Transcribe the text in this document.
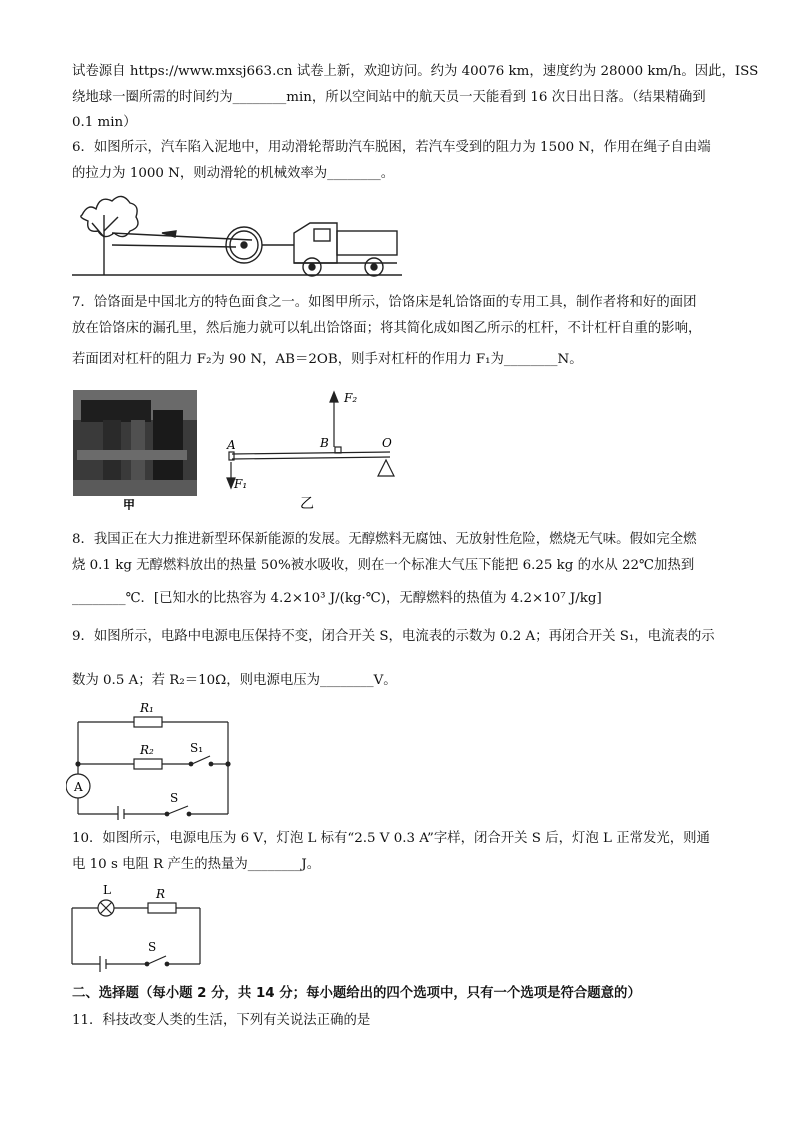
试卷源自 https://www.mxsj663.cn 试卷上新，欢迎访问。约为 40076 km，速度约为 28000 km/h。因此，ISS
绕地球一圈所需的时间约为________min，所以空间站中的航天员一天能看到 16 次日出日落。（结果精确到
0.1 min）
6．如图所示，汽车陷入泥地中，用动滑轮帮助汽车脱困，若汽车受到的阻力为 1500 N，作用在绳子自由端
的拉力为 1000 N，则动滑轮的机械效率为________。
7．饸饹面是中国北方的特色面食之一。如图甲所示，饸饹床是轧饸饹面的专用工具，制作者将和好的面团
放在饸饹床的漏孔里，然后施力就可以轧出饸饹面；将其简化成如图乙所示的杠杆，不计杠杆自重的影响，
若面团对杠杆的阻力 F₂为 90 N，AB＝2OB，则手对杠杆的作用力 F₁为________N。
甲
F₂
A	B	O
F₁
乙
8．我国正在大力推进新型环保新能源的发展。无醇燃料无腐蚀、无放射性危险，燃烧无气味。假如完全燃
烧 0.1 kg 无醇燃料放出的热量 50%被水吸收，则在一个标准大气压下能把 6.25 kg 的水从 22℃加热到
________℃．[已知水的比热容为 4.2×10³ J/(kg·℃)，无醇燃料的热值为 4.2×10⁷ J/kg]
9．如图所示，电路中电源电压保持不变，闭合开关 S，电流表的示数为 0.2 A；再闭合开关 S₁，电流表的示
数为 0.5 A；若 R₂＝10Ω，则电源电压为________V。
R₁
R₂	S₁
A
S
10．如图所示，电源电压为 6 V，灯泡 L 标有“2.5 V 0.3 A”字样，闭合开关 S 后，灯泡 L 正常发光，则通
电 10 s 电阻 R 产生的热量为________J。
L	R
S
二、选择题（每小题 2 分，共 14 分；每小题给出的四个选项中，只有一个选项是符合题意的）
11．科技改变人类的生活，下列有关说法正确的是
